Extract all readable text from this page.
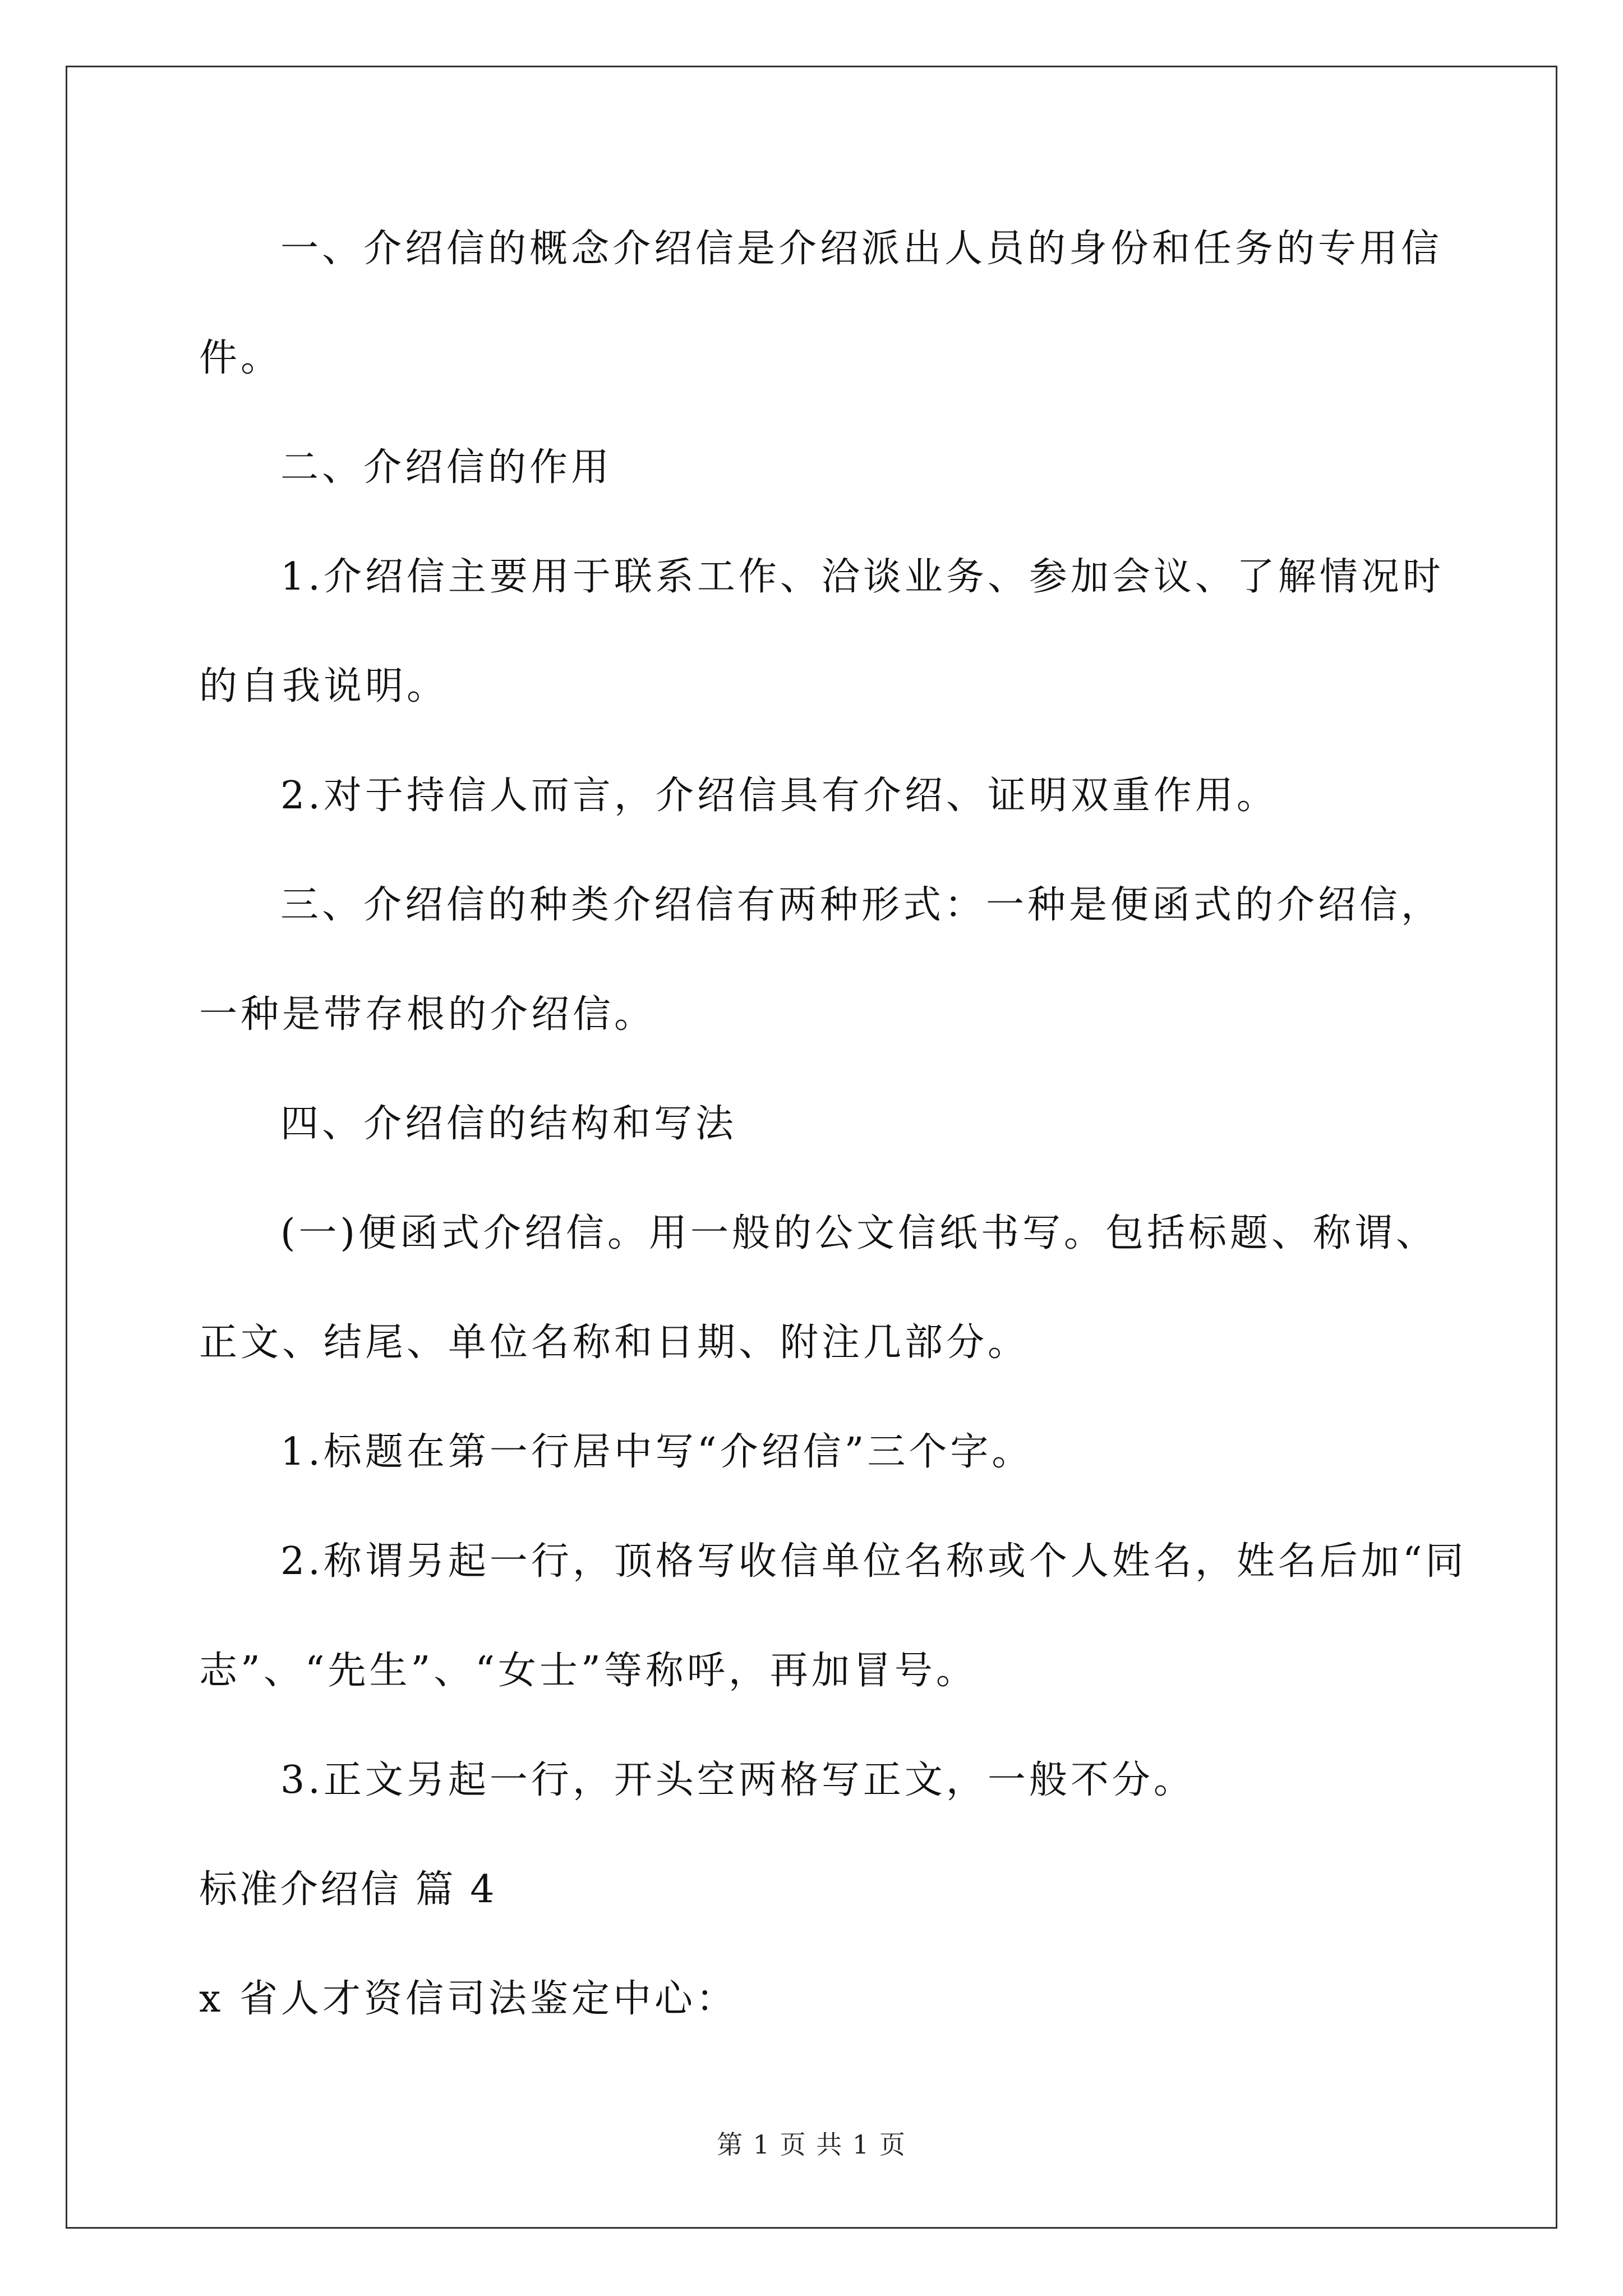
一、介绍信的概念介绍信是介绍派出人员的身份和任务的专用信
件。
二、介绍信的作用
1.介绍信主要用于联系工作、洽谈业务、参加会议、了解情况时
的自我说明。
2.对于持信人而言，介绍信具有介绍、证明双重作用。
三、介绍信的种类介绍信有两种形式：一种是便函式的介绍信，
一种是带存根的介绍信。
四、介绍信的结构和写法
(一)便函式介绍信。用一般的公文信纸书写。包括标题、称谓、
正文、结尾、单位名称和日期、附注几部分。
1.标题在第一行居中写“介绍信”三个字。
2.称谓另起一行，顶格写收信单位名称或个人姓名，姓名后加“同
志”、“先生”、“女士”等称呼，再加冒号。
3.正文另起一行，开头空两格写正文，一般不分。
标准介绍信 篇 4
x 省人才资信司法鉴定中心：
第 1 页 共 1 页
